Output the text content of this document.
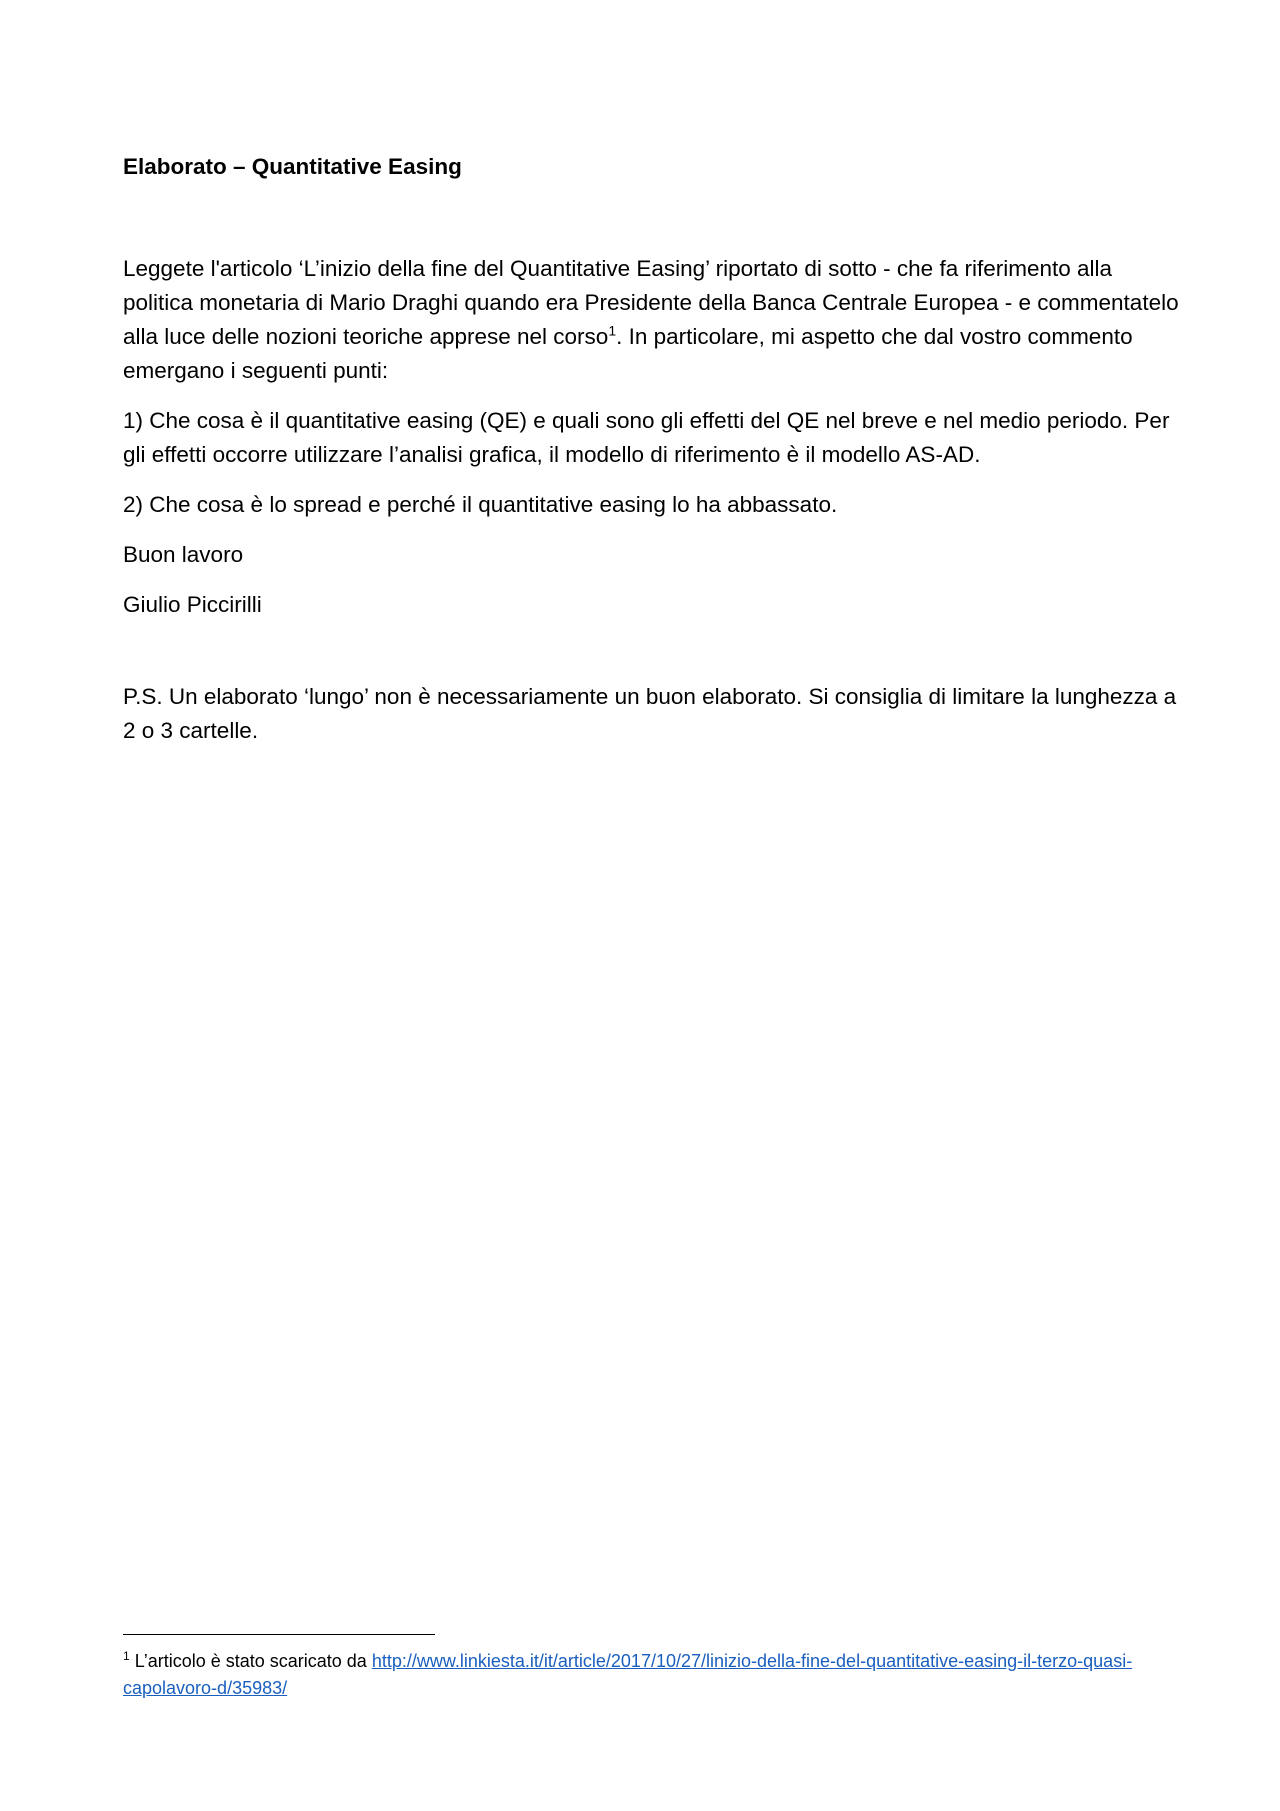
Elaborato – Quantitative Easing

Leggete l'articolo ‘L’inizio della fine del Quantitative Easing’ riportato di sotto - che fa riferimento alla politica monetaria di Mario Draghi quando era Presidente della Banca Centrale Europea - e commentatelo alla luce delle nozioni teoriche apprese nel corso$^1$. In particolare, mi aspetto che dal vostro commento emergano i seguenti punti:

1) Che cosa è il quantitative easing (QE) e quali sono gli effetti del QE nel breve e nel medio periodo. Per gli effetti occorre utilizzare l’analisi grafica, il modello di riferimento è il modello AS-AD.

2) Che cosa è lo spread e perché il quantitative easing lo ha abbassato.

Buon lavoro

Giulio Piccirilli

P.S. Un elaborato ‘lungo’ non è necessariamente un buon elaborato. Si consiglia di limitare la lunghezza a 2 o 3 cartelle.

$^1$ L’articolo è stato scaricato da http://www.linkiesta.it/it/article/2017/10/27/linizio-della-fine-del-quantitative-easing-il-terzo-quasi-capolavoro-d/35983/
